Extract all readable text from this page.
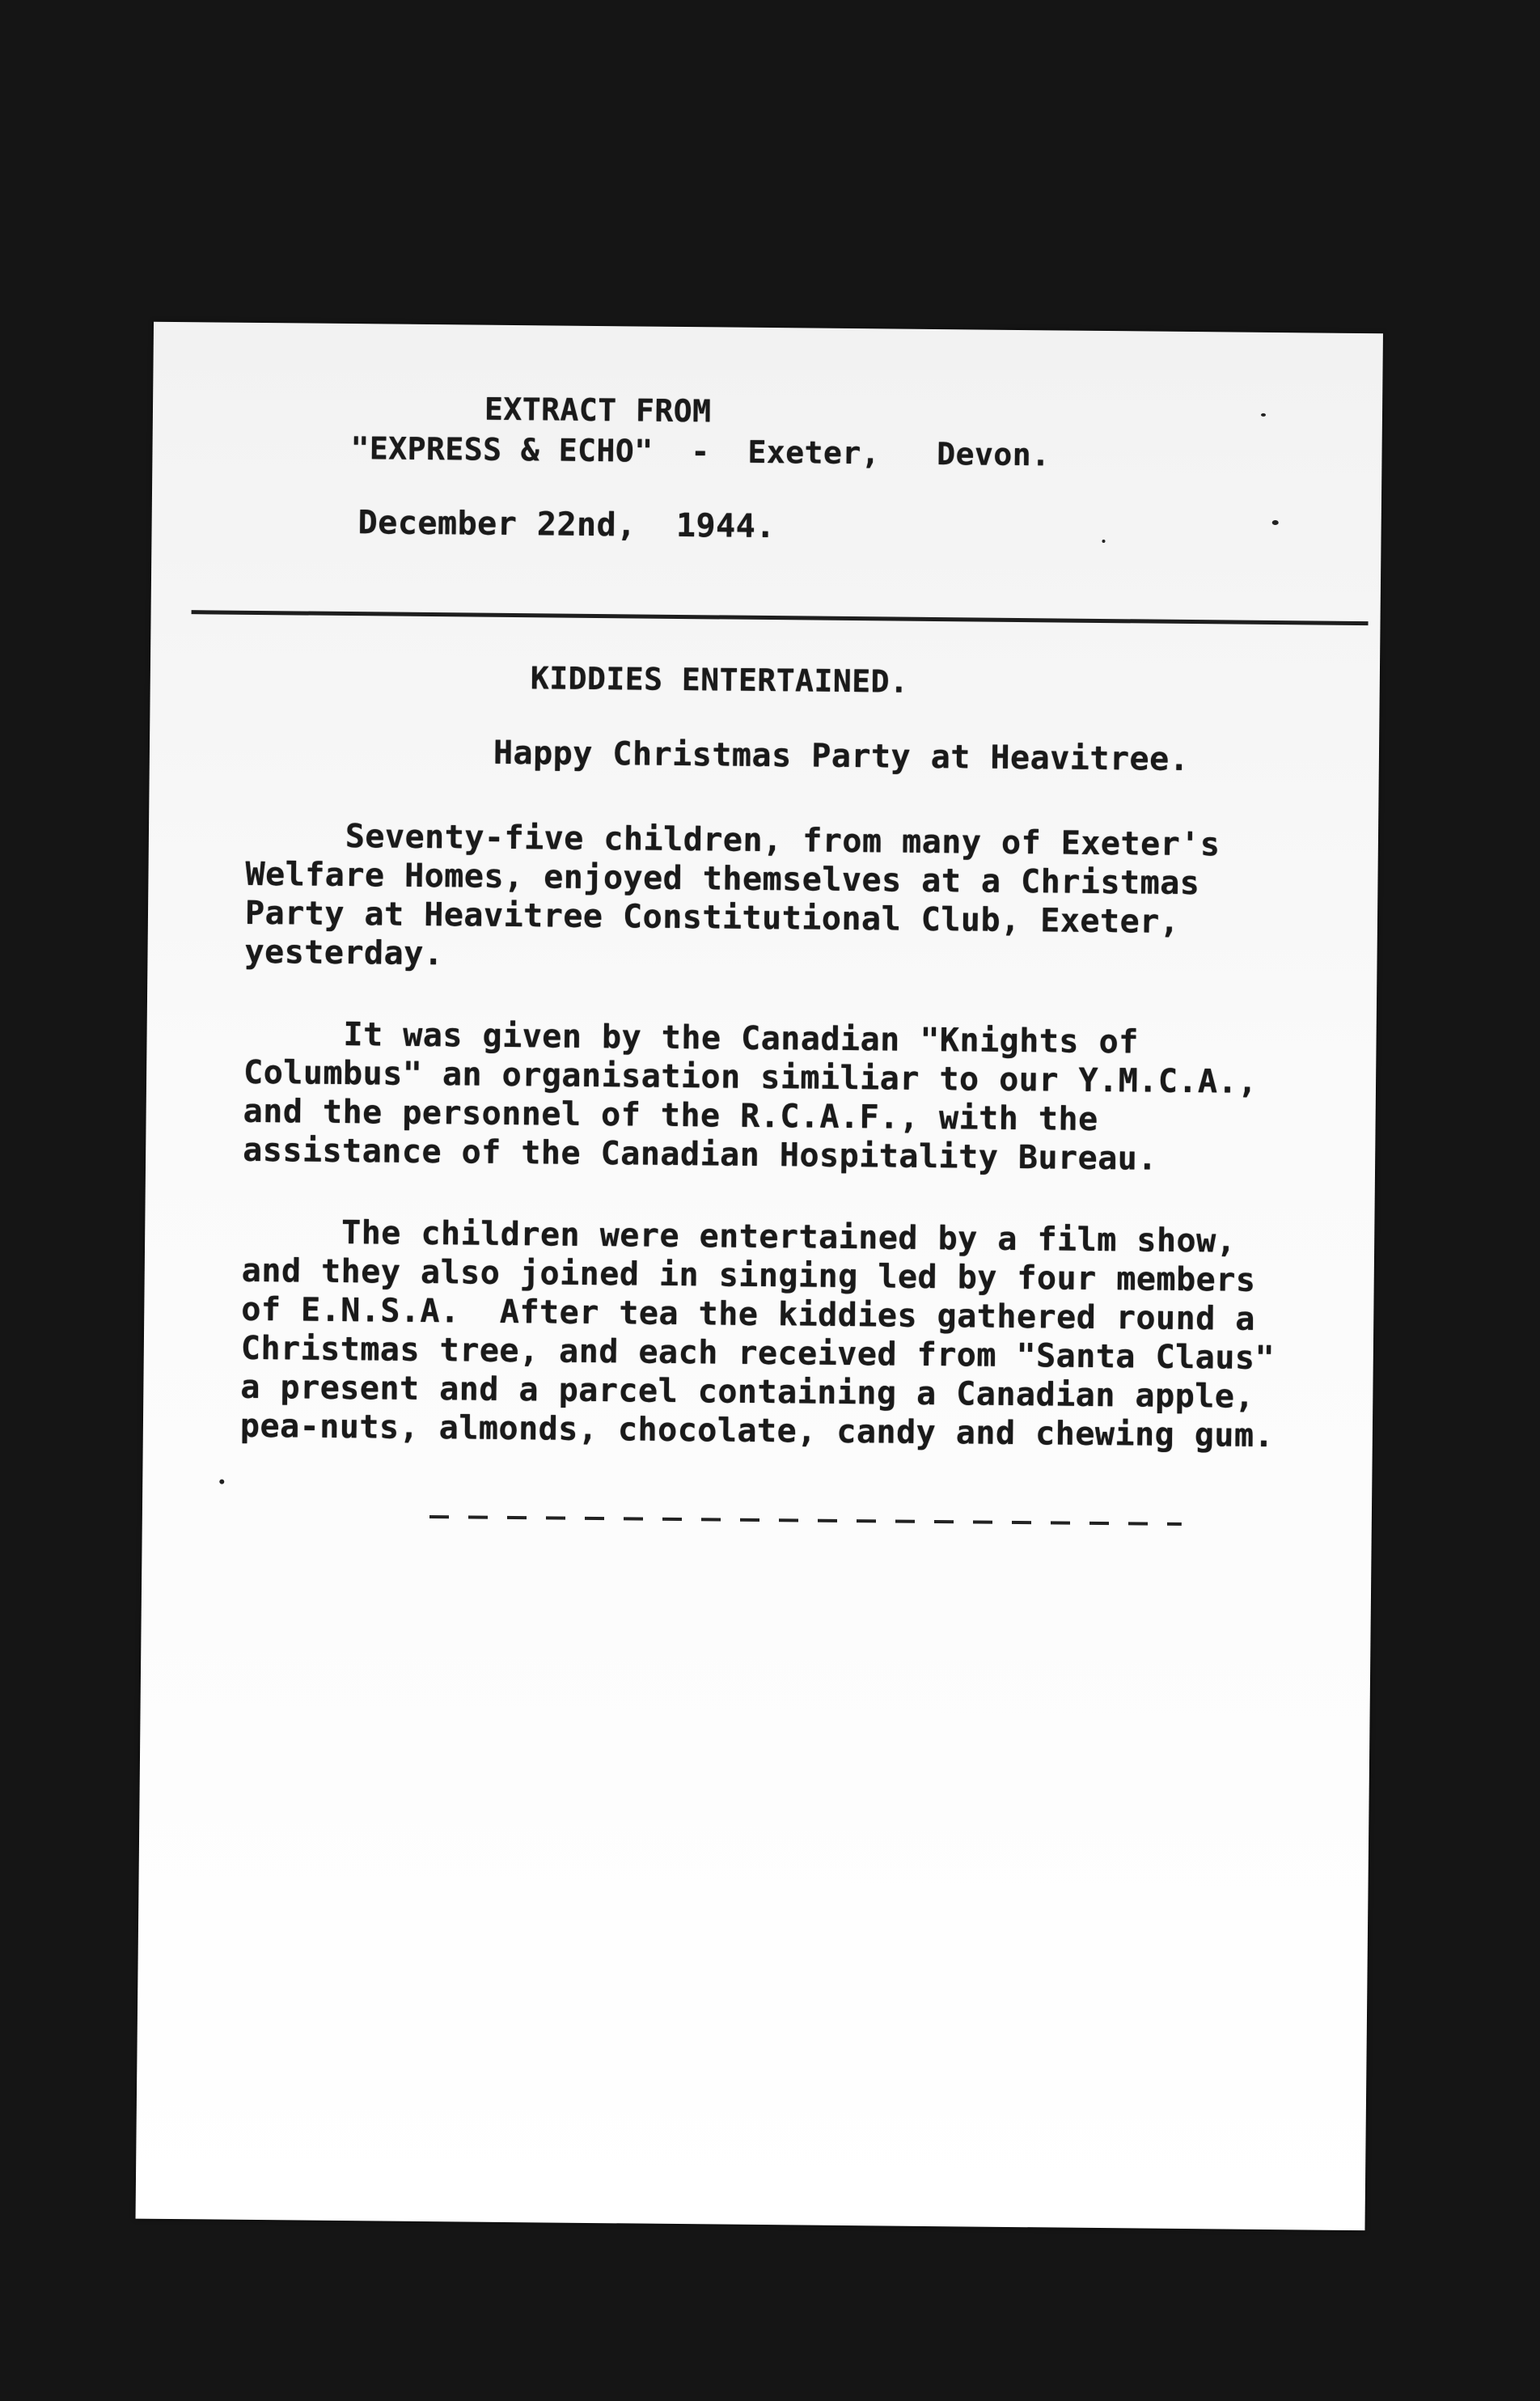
EXTRACT FROM
"EXPRESS & ECHO"  -  Exeter,   Devon.
December 22nd,  1944.
KIDDIES ENTERTAINED.
Happy Christmas Party at Heavitree.
Seventy-five children, from many of Exeter's
Welfare Homes, enjoyed themselves at a Christmas
Party at Heavitree Constitutional Club, Exeter,
yesterday.
It was given by the Canadian "Knights of
Columbus" an organisation similiar to our Y.M.C.A.,
and the personnel of the R.C.A.F., with the
assistance of the Canadian Hospitality Bureau.
The children were entertained by a film show,
and they also joined in singing led by four members
of E.N.S.A.  After tea the kiddies gathered round a
Christmas tree, and each received from "Santa Claus"
a present and a parcel containing a Canadian apple,
pea-nuts, almonds, chocolate, candy and chewing gum.
